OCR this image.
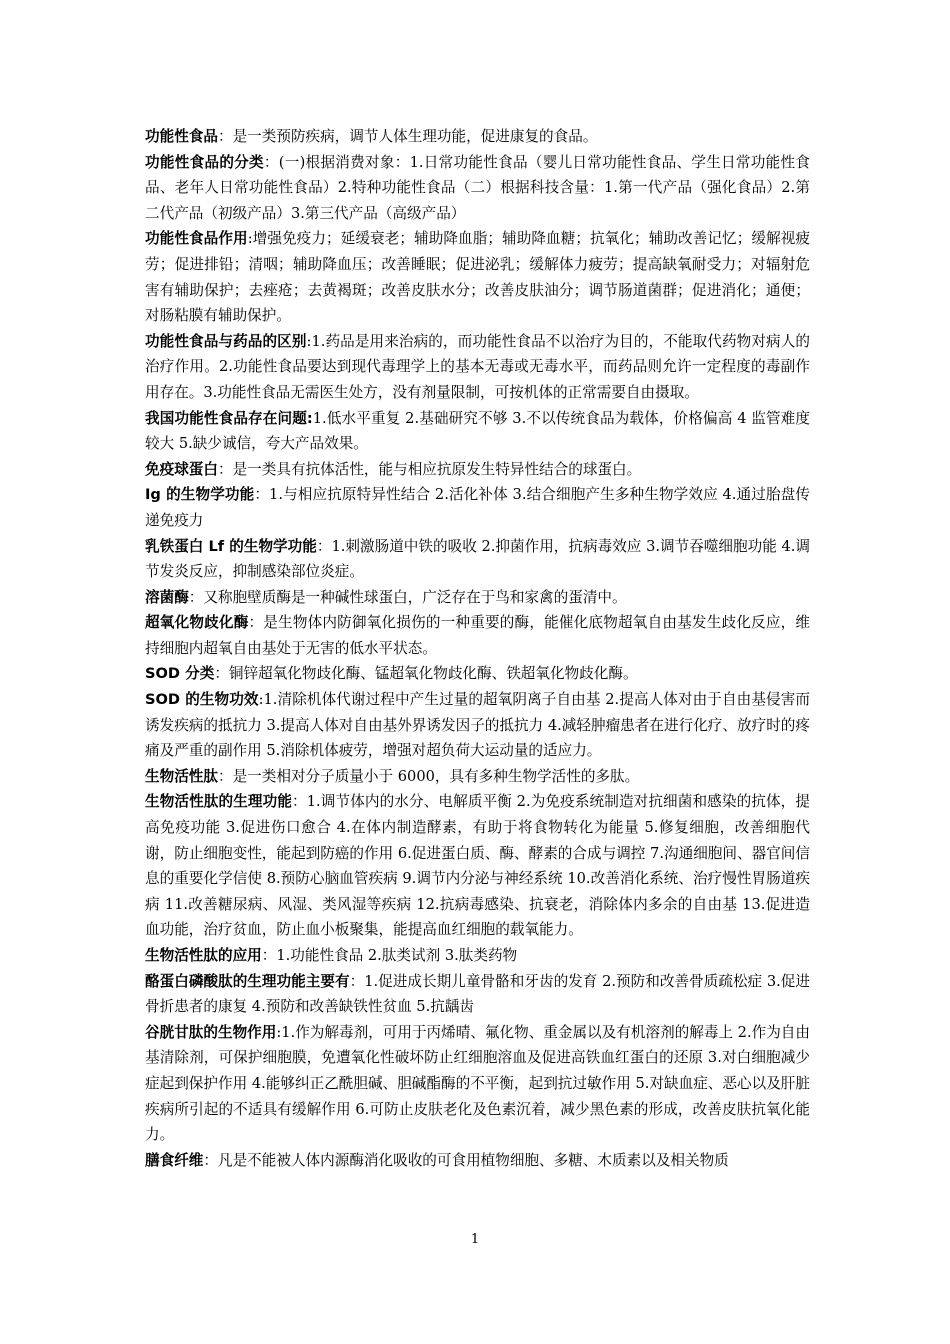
功能性食品：是一类预防疾病，调节人体生理功能，促进康复的食品。

功能性食品的分类：(一)根据消费对象：1.日常功能性食品（婴儿日常功能性食品、学生日常功能性食品、老年人日常功能性食品）2.特种功能性食品（二）根据科技含量：1.第一代产品（强化食品）2.第二代产品（初级产品）3.第三代产品（高级产品）

功能性食品作用:增强免疫力；延缓衰老；辅助降血脂；辅助降血糖；抗氧化；辅助改善记忆；缓解视疲劳；促进排铅；清咽；辅助降血压；改善睡眠；促进泌乳；缓解体力疲劳；提高缺氧耐受力；对辐射危害有辅助保护；去痤疮；去黄褐斑；改善皮肤水分；改善皮肤油分；调节肠道菌群；促进消化；通便；对肠粘膜有辅助保护。

功能性食品与药品的区别:1.药品是用来治病的，而功能性食品不以治疗为目的，不能取代药物对病人的治疗作用。2.功能性食品要达到现代毒理学上的基本无毒或无毒水平，而药品则允许一定程度的毒副作用存在。3.功能性食品无需医生处方，没有剂量限制，可按机体的正常需要自由摄取。

我国功能性食品存在问题:1.低水平重复 2.基础研究不够 3.不以传统食品为载体，价格偏高 4 监管难度较大 5.缺少诚信，夸大产品效果。

免疫球蛋白：是一类具有抗体活性，能与相应抗原发生特异性结合的球蛋白。

Ig 的生物学功能：1.与相应抗原特异性结合 2.活化补体 3.结合细胞产生多种生物学效应 4.通过胎盘传递免疫力

乳铁蛋白 Lf 的生物学功能：1.刺激肠道中铁的吸收 2.抑菌作用，抗病毒效应 3.调节吞噬细胞功能 4.调节发炎反应，抑制感染部位炎症。

溶菌酶：又称胞壁质酶是一种碱性球蛋白，广泛存在于鸟和家禽的蛋清中。

超氧化物歧化酶：是生物体内防御氧化损伤的一种重要的酶，能催化底物超氧自由基发生歧化反应，维持细胞内超氧自由基处于无害的低水平状态。

SOD 分类：铜锌超氧化物歧化酶、锰超氧化物歧化酶、铁超氧化物歧化酶。

SOD 的生物功效:1.清除机体代谢过程中产生过量的超氧阴离子自由基 2.提高人体对由于自由基侵害而诱发疾病的抵抗力 3.提高人体对自由基外界诱发因子的抵抗力 4.减轻肿瘤患者在进行化疗、放疗时的疼痛及严重的副作用 5.消除机体疲劳，增强对超负荷大运动量的适应力。

生物活性肽：是一类相对分子质量小于 6000，具有多种生物学活性的多肽。

生物活性肽的生理功能：1.调节体内的水分、电解质平衡 2.为免疫系统制造对抗细菌和感染的抗体，提高免疫功能 3.促进伤口愈合 4.在体内制造酵素，有助于将食物转化为能量 5.修复细胞，改善细胞代谢，防止细胞变性，能起到防癌的作用 6.促进蛋白质、酶、酵素的合成与调控 7.沟通细胞间、器官间信息的重要化学信使 8.预防心脑血管疾病 9.调节内分泌与神经系统 10.改善消化系统、治疗慢性胃肠道疾病 11.改善糖尿病、风湿、类风湿等疾病 12.抗病毒感染、抗衰老，消除体内多余的自由基 13.促进造血功能，治疗贫血，防止血小板聚集，能提高血红细胞的载氧能力。

生物活性肽的应用：1.功能性食品 2.肽类试剂 3.肽类药物

酪蛋白磷酸肽的生理功能主要有：1.促进成长期儿童骨骼和牙齿的发育 2.预防和改善骨质疏松症 3.促进骨折患者的康复 4.预防和改善缺铁性贫血 5.抗龋齿

谷胱甘肽的生物作用:1.作为解毒剂，可用于丙烯晴、氟化物、重金属以及有机溶剂的解毒上 2.作为自由基清除剂，可保护细胞膜，免遭氧化性破坏防止红细胞溶血及促进高铁血红蛋白的还原 3.对白细胞减少症起到保护作用 4.能够纠正乙酰胆碱、胆碱酯酶的不平衡，起到抗过敏作用 5.对缺血症、恶心以及肝脏疾病所引起的不适具有缓解作用 6.可防止皮肤老化及色素沉着，减少黑色素的形成，改善皮肤抗氧化能力。

膳食纤维：凡是不能被人体内源酶消化吸收的可食用植物细胞、多糖、木质素以及相关物质

1
